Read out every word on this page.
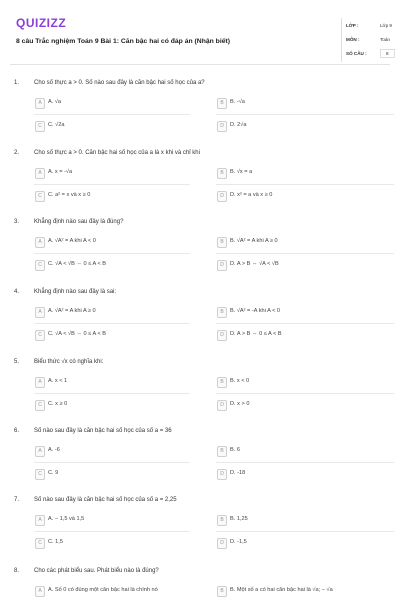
QUIZIZZ
8 câu Trắc nghiệm Toán 9 Bài 1: Căn bậc hai có đáp án (Nhận biết)
LỚP :	Lớp 9
MÔN :	Toán
SỐ CÂU :	8
1. Cho số thực a > 0. Số nào sau đây là căn bậc hai số học của a?
A	A. √a	B	B. -√a
C	C. √2a	D	D. 2√a
2. Cho số thực a > 0. Căn bậc hai số học của a là x khi và chỉ khi
A	A. x = -√a	B	B. √x = a
C	C. a² = x và x ≥ 0	D	D. x² = a và x ≥ 0
3. Khẳng định nào sau đây là đúng?
A	A. √A² = A khi A < 0	B	B. √A² = A khi A ≥ 0
C	C. √A < √B ⇔ 0 ≤ A < B	D	D. A > B ⇔ √A < √B
4. Khẳng định nào sau đây là sai:
A	A. √A² = A khi A ≥ 0	B	B. √A² = -A khi A < 0
C	C. √A < √B ⇔ 0 ≤ A < B	D	D. A > B ⇔ 0 ≤ A < B
5. Biểu thức √x có nghĩa khi:
A	A. x < 1	B	B. x < 0
C	C. x ≥ 0	D	D. x > 0
6. Số nào sau đây là căn bậc hai số học của số a = 36
A	A. -6	B	B. 6
C	C. 9	D	D. -18
7. Số nào sau đây là căn bậc hai số học của số a = 2,25
A	A. − 1,5 và 1,5	B	B. 1,25
C	C. 1,5	D	D. -1,5
8. Cho các phát biểu sau. Phát biểu nào là đúng?
A	A. Số 0 có đúng một căn bậc hai là chính nó	B	B. Một số a có hai căn bậc hai là √a; − √a
